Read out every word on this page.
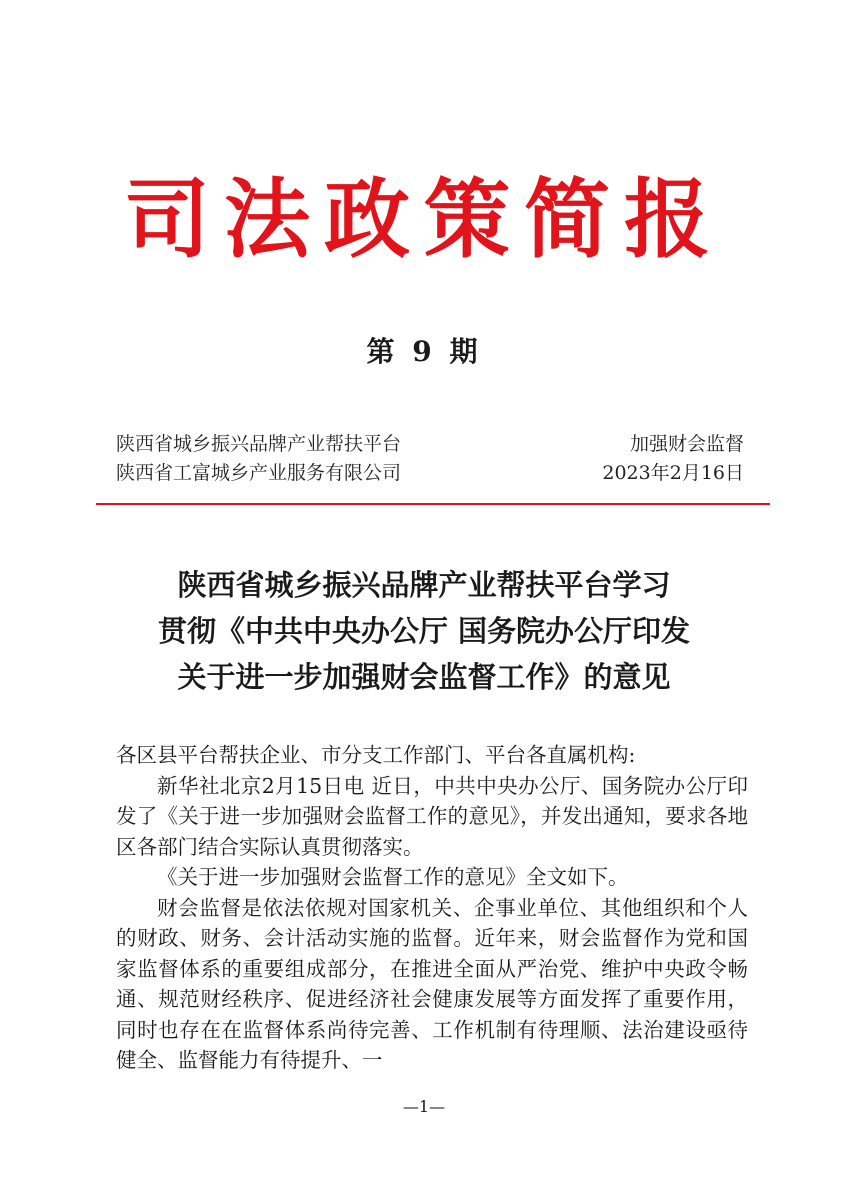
司法政策简报
第 9 期
陕西省城乡振兴品牌产业帮扶平台
陕西省工富城乡产业服务有限公司
加强财会监督
2023年2月16日
陕西省城乡振兴品牌产业帮扶平台学习
贯彻《中共中央办公厅 国务院办公厅印发
关于进一步加强财会监督工作》的意见

各区县平台帮扶企业、市分支工作部门、平台各直属机构:

新华社北京2月15日电 近日，中共中央办公厅、国务院办公厅印发了《关于进一步加强财会监督工作的意见》，并发出通知，要求各地区各部门结合实际认真贯彻落实。

《关于进一步加强财会监督工作的意见》全文如下。

财会监督是依法依规对国家机关、企事业单位、其他组织和个人的财政、财务、会计活动实施的监督。近年来，财会监督作为党和国家监督体系的重要组成部分，在推进全面从严治党、维护中央政令畅通、规范财经秩序、促进经济社会健康发展等方面发挥了重要作用，同时也存在在监督体系尚待完善、工作机制有待理顺、法治建设亟待健全、监督能力有待提升、一

—1—
